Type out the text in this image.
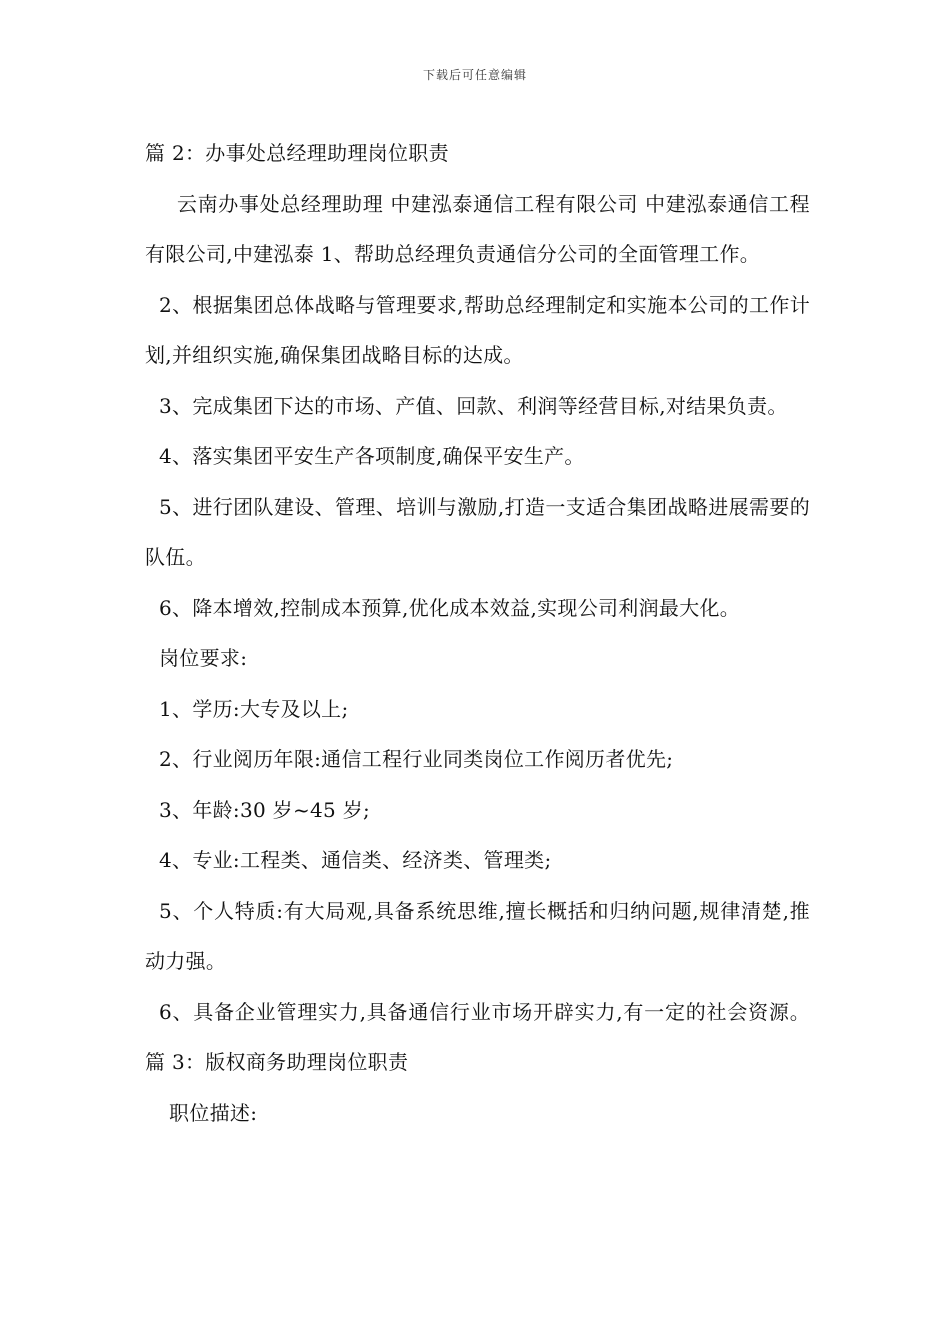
下载后可任意编辑

篇 2：办事处总经理助理岗位职责

云南办事处总经理助理 中建泓泰通信工程有限公司 中建泓泰通信工程有限公司,中建泓泰 1、帮助总经理负责通信分公司的全面管理工作。

2、根据集团总体战略与管理要求,帮助总经理制定和实施本公司的工作计划,并组织实施,确保集团战略目标的达成。

3、完成集团下达的市场、产值、回款、利润等经营目标,对结果负责。

4、落实集团平安生产各项制度,确保平安生产。

5、进行团队建设、管理、培训与激励,打造一支适合集团战略进展需要的队伍。

6、降本增效,控制成本预算,优化成本效益,实现公司利润最大化。

岗位要求:

1、学历:大专及以上;

2、行业阅历年限:通信工程行业同类岗位工作阅历者优先;

3、年龄:30 岁~45 岁;

4、专业:工程类、通信类、经济类、管理类;

5、个人特质:有大局观,具备系统思维,擅长概括和归纳问题,规律清楚,推动力强。

6、具备企业管理实力,具备通信行业市场开辟实力,有一定的社会资源。 篇 3：版权商务助理岗位职责

职位描述:
